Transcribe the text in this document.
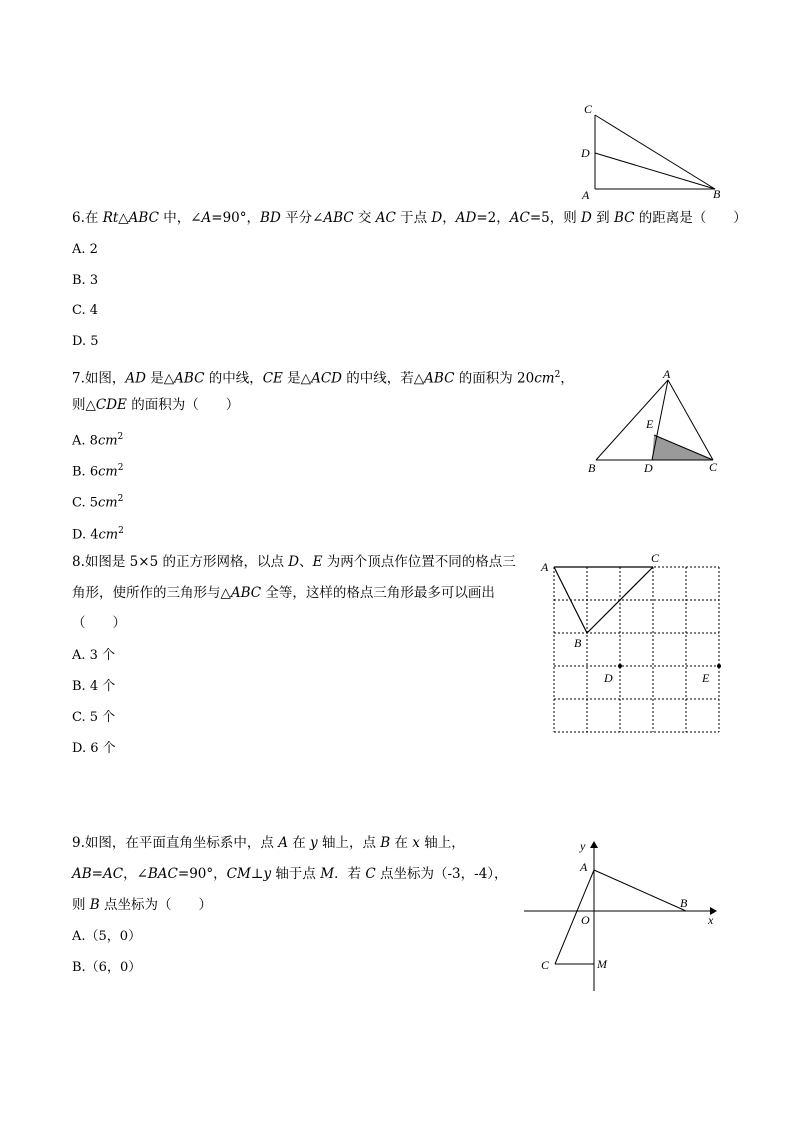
C
D
A	B
6.在 Rt△ABC 中，∠A=90°，BD 平分∠ABC 交 AC 于点 D，AD=2，AC=5，则 D 到 BC 的距离是（　　）
A. 2
B. 3
C. 4
D. 5
7.如图，AD 是△ABC 的中线，CE 是△ACD 的中线，若△ABC 的面积为 $20cm^2$，
则△CDE 的面积为（　　）
A. $8cm^2$
B. $6cm^2$
C. $5cm^2$
D. $4cm^2$
A
E
B	D	C
8.如图是 5×5 的正方形网格，以点 D、E 为两个顶点作位置不同的格点三
角形，使所作的三角形与△ABC 全等，这样的格点三角形最多可以画出
（　　）
A. 3 个
B. 4 个
C. 5 个
D. 6 个
A
C
B
D	E
9.如图，在平面直角坐标系中，点 A 在 y 轴上，点 B 在 x 轴上，
AB=AC，∠BAC=90°，CM⊥y 轴于点 M．若 C 点坐标为（-3，-4），
则 B 点坐标为（　　）
A.（5，0）
B.（6，0）
y
x
A
O
B
C	M
